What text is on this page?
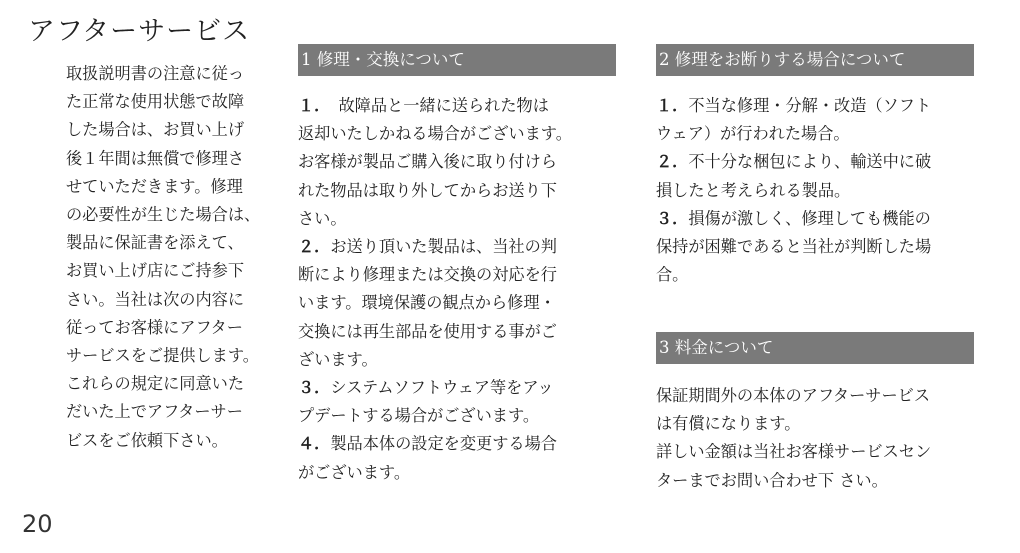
アフターサービス
取扱説明書の注意に従っ
た正常な使用状態で故障
した場合は、お買い上げ
後１年間は無償で修理さ
せていただきます。修理
の必要性が生じた場合は、
製品に保証書を添えて、
お買い上げ店にご持参下
さい。当社は次の内容に
従ってお客様にアフター
サービスをご提供します。
これらの規定に同意いた
だいた上でアフターサー
ビスをご依頼下さい。
1 修理・交換について
１．　故障品と一緒に送られた物は
返却いたしかねる場合がございます。
お客様が製品ご購入後に取り付けら
れた物品は取り外してからお送り下
さい。
２．お送り頂いた製品は、当社の判
断により修理または交換の対応を行
います。環境保護の観点から修理・
交換には再生部品を使用する事がご
ざいます。
３．システムソフトウェア等をアッ
プデートする場合がございます。
４．製品本体の設定を変更する場合
がございます。
2 修理をお断りする場合について
１．不当な修理・分解・改造（ソフト
ウェア）が行われた場合。
２．不十分な梱包により、輸送中に破
損したと考えられる製品。
３．損傷が激しく、修理しても機能の
保持が困難であると当社が判断した場
合。
3 料金について
保証期間外の本体のアフターサービス
は有償になります。
詳しい金額は当社お客様サービスセン
ターまでお問い合わせ下 さい。
20
